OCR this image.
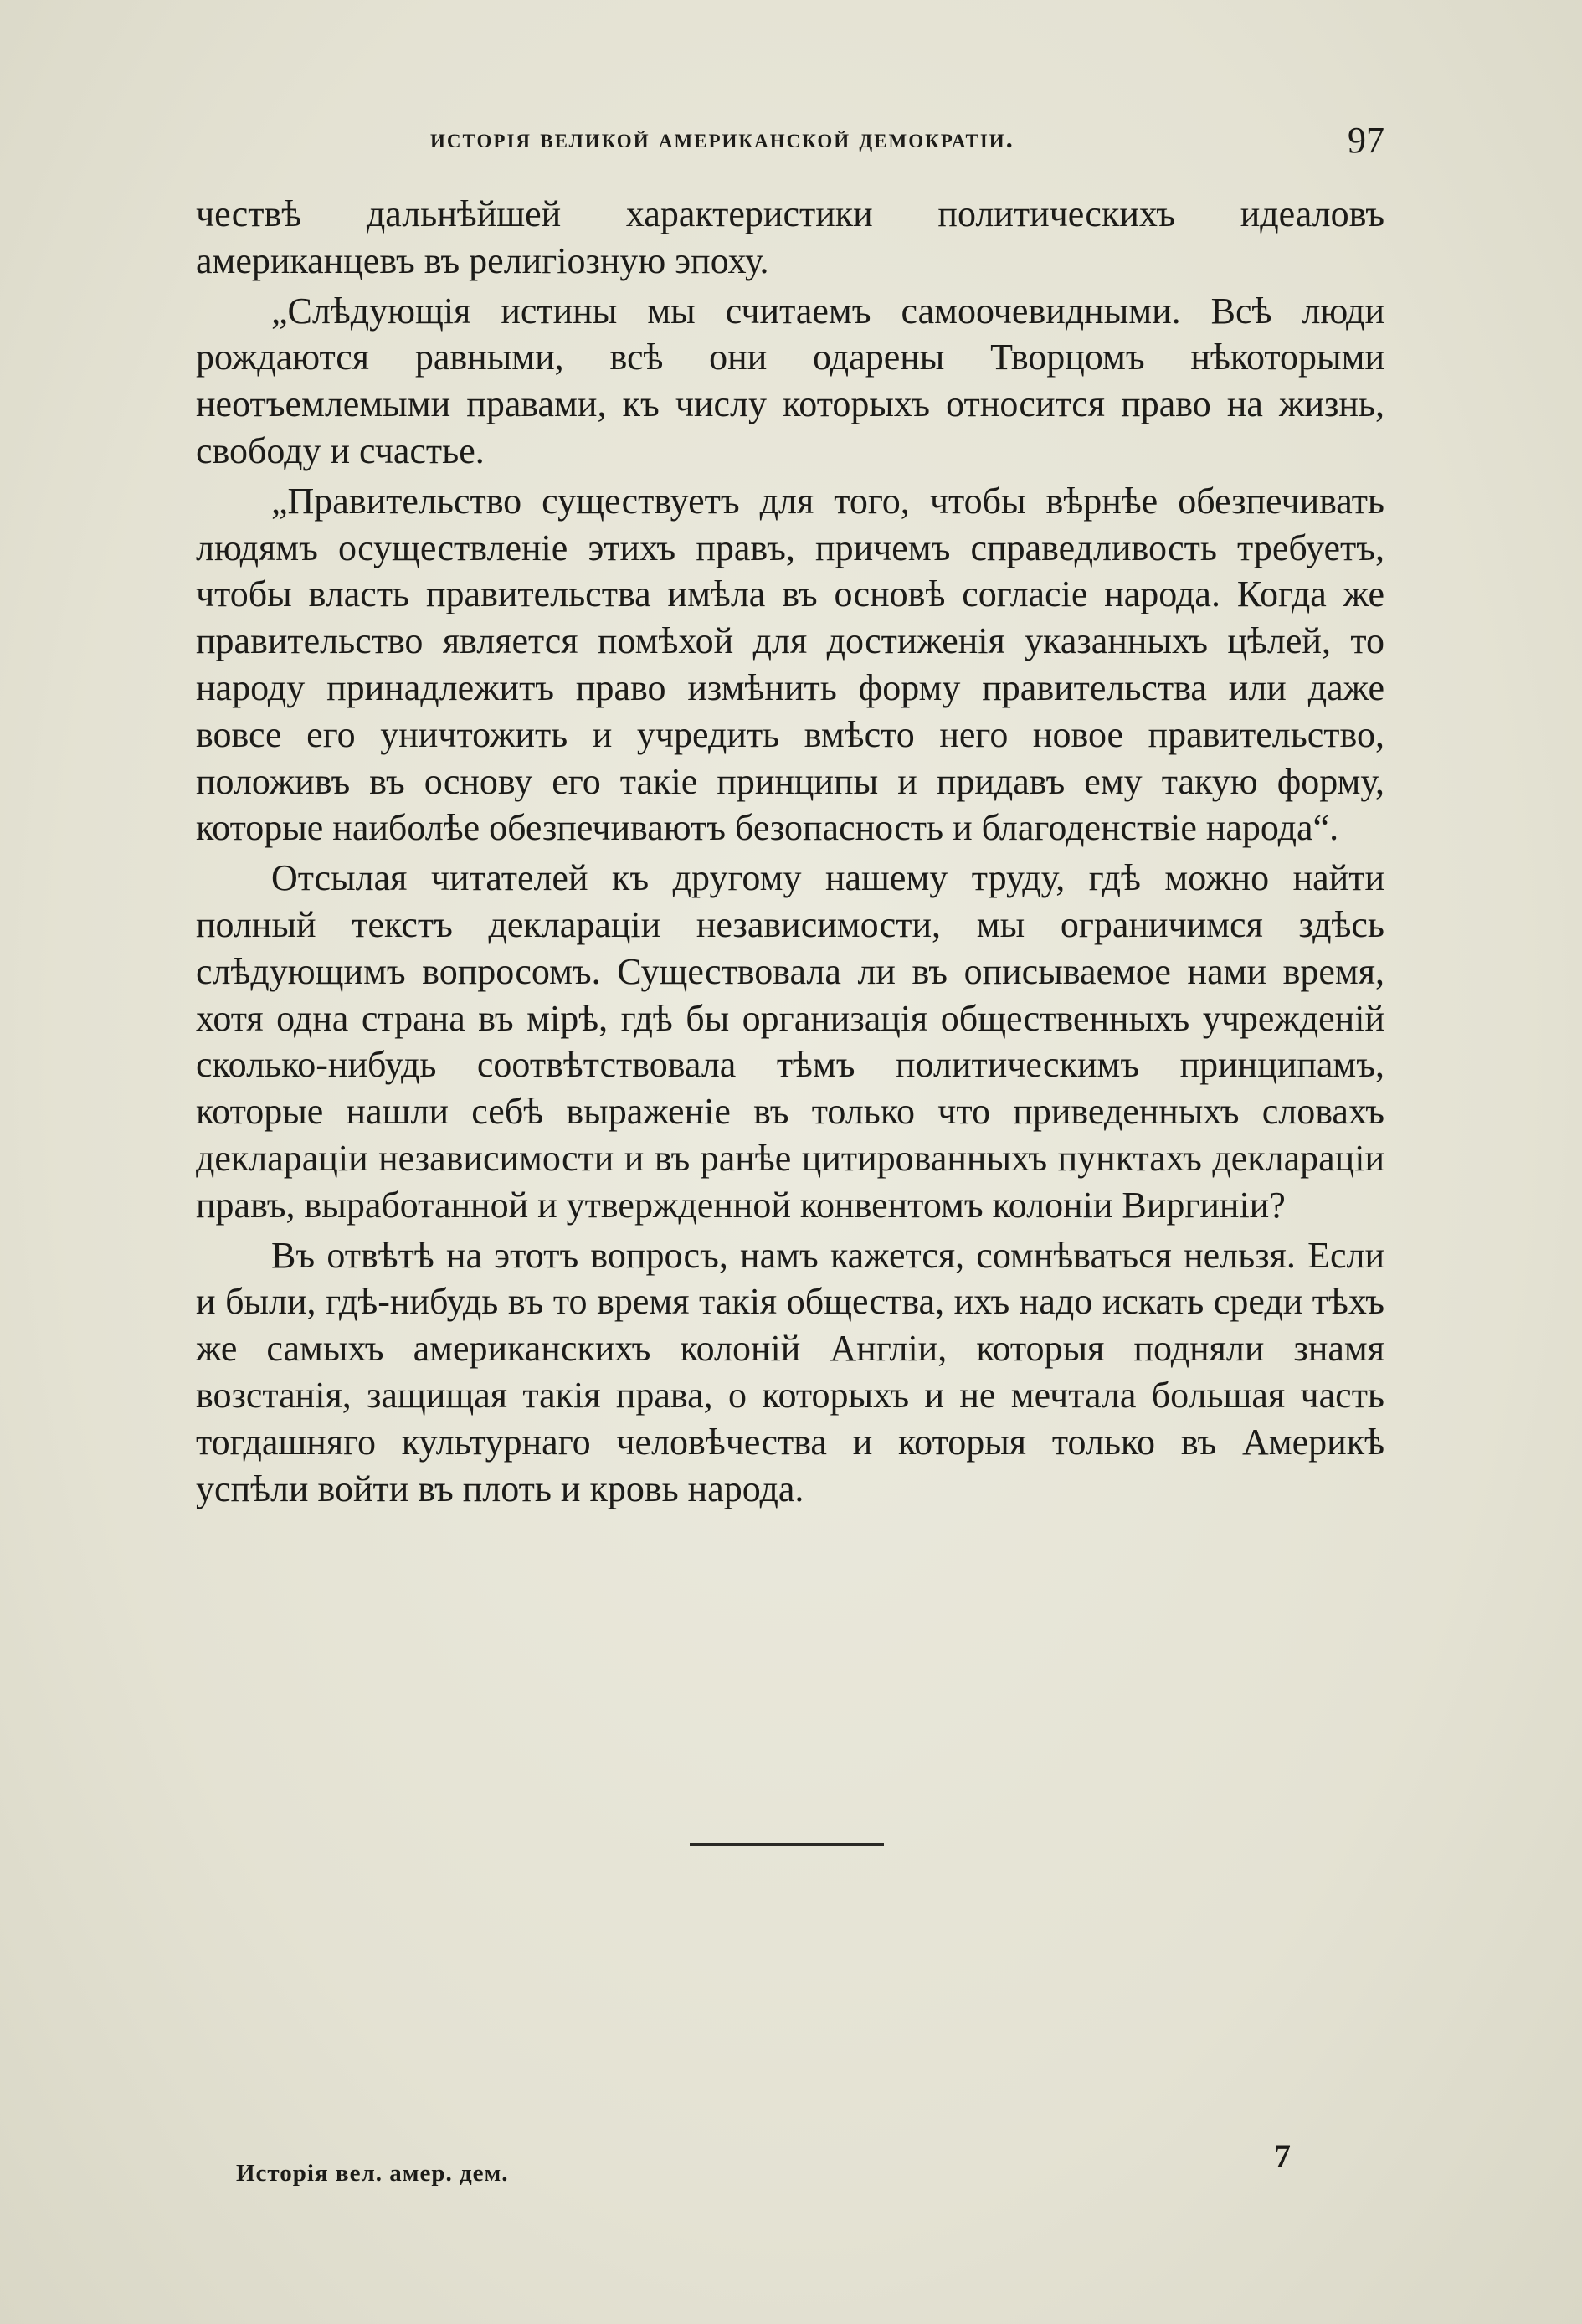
исторія великой американской демократіи.	97

чествѣ дальнѣйшей характеристики политическихъ идеаловъ американцевъ въ религіозную эпоху.

„Слѣдующія истины мы считаемъ самоочевидными. Всѣ люди рождаются равными, всѣ они одарены Творцомъ нѣкоторыми неотъемлемыми правами, къ числу которыхъ относится право на жизнь, свободу и счастье.

„Правительство существуетъ для того, чтобы вѣрнѣе обезпечивать людямъ осуществленіе этихъ правъ, причемъ справедливость требуетъ, чтобы власть правительства имѣла въ основѣ согласіе народа. Когда же правительство является помѣхой для достиженія указанныхъ цѣлей, то народу принадлежитъ право измѣнить форму правительства или даже вовсе его уничтожить и учредить вмѣсто него новое правительство, положивъ въ основу его такіе принципы и придавъ ему такую форму, которые наиболѣе обезпечиваютъ безопасность и благоденствіе народа“.

Отсылая читателей къ другому нашему труду, гдѣ можно найти полный текстъ деклараціи независимости, мы ограничимся здѣсь слѣдующимъ вопросомъ. Существовала ли въ описываемое нами время, хотя одна страна въ мірѣ, гдѣ бы организація общественныхъ учрежденій сколько-нибудь соотвѣтствовала тѣмъ политическимъ принципамъ, которые нашли себѣ выраженіе въ только что приведенныхъ словахъ деклараціи независимости и въ ранѣе цитированныхъ пунктахъ деклараціи правъ, выработанной и утвержденной конвентомъ колоніи Виргиніи?

Въ отвѣтѣ на этотъ вопросъ, намъ кажется, сомнѣваться нельзя. Если и были, гдѣ-нибудь въ то время такія общества, ихъ надо искать среди тѣхъ же самыхъ американскихъ колоній Англіи, которыя подняли знамя возстанія, защищая такія права, о которыхъ и не мечтала большая часть тогдашняго культурнаго человѣчества и которыя только въ Америкѣ успѣли войти въ плоть и кровь народа.

Исторія вел. амер. дем.	7
